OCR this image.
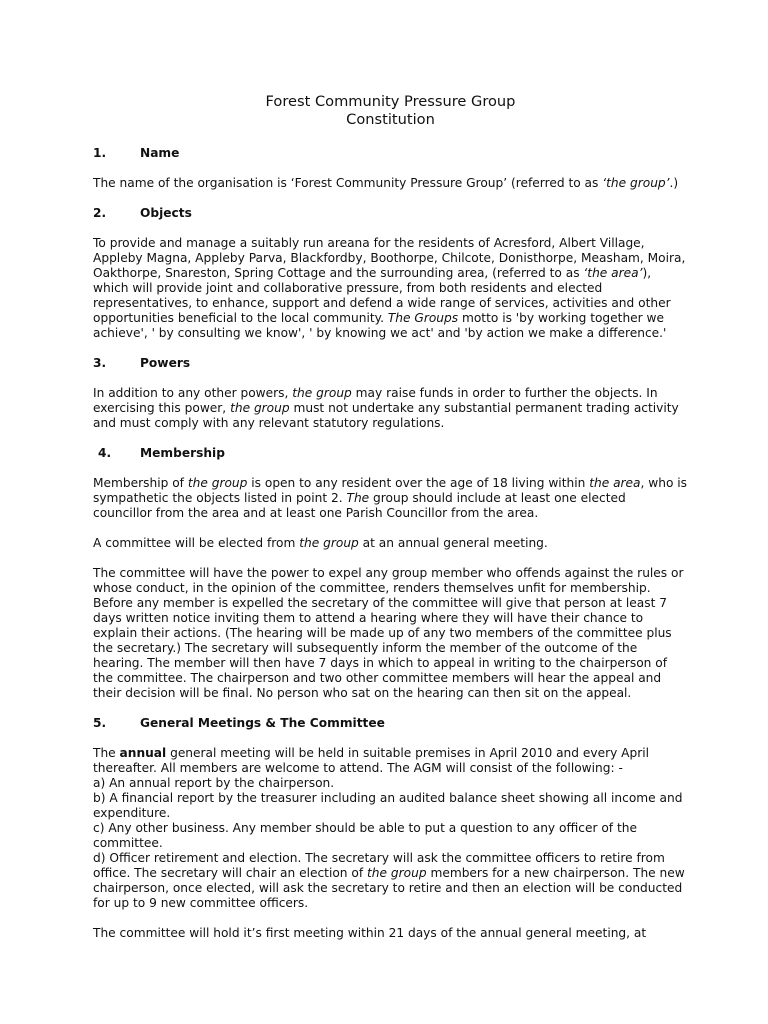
Forest Community Pressure Group
Constitution
1.	Name

The name of the organisation is ‘Forest Community Pressure Group’ (referred to as ‘the group’.)

2.	Objects

To provide and manage a suitably run areana for the residents of Acresford, Albert Village, Appleby Magna, Appleby Parva, Blackfordby, Boothorpe, Chilcote, Donisthorpe, Measham, Moira, Oakthorpe, Snareston, Spring Cottage and the surrounding area, (referred to as ‘the area’), which will provide joint and collaborative pressure, from both residents and elected representatives, to enhance, support and defend a wide range of services, activities and other opportunities beneficial to the local community. The Groups motto is 'by working together we achieve', ' by consulting we know', ' by knowing we act' and 'by action we make a difference.'

3.	Powers

In addition to any other powers, the group may raise funds in order to further the objects. In exercising this power, the group must not undertake any substantial permanent trading activity and must comply with any relevant statutory regulations.

4.	Membership

Membership of the group is open to any resident over the age of 18 living within the area, who is sympathetic the objects listed in point 2. The group should include at least one elected councillor from the area and at least one Parish Councillor from the area.

A committee will be elected from the group at an annual general meeting.

The committee will have the power to expel any group member who offends against the rules or whose conduct, in the opinion of the committee, renders themselves unfit for membership. Before any member is expelled the secretary of the committee will give that person at least 7 days written notice inviting them to attend a hearing where they will have their chance to explain their actions. (The hearing will be made up of any two members of the committee plus the secretary.) The secretary will subsequently inform the member of the outcome of the hearing. The member will then have 7 days in which to appeal in writing to the chairperson of the committee. The chairperson and two other committee members will hear the appeal and their decision will be final. No person who sat on the hearing can then sit on the appeal.

5.	General Meetings & The Committee

The annual general meeting will be held in suitable premises in April 2010 and every April thereafter. All members are welcome to attend. The AGM will consist of the following: -

a) An annual report by the chairperson.

b) A financial report by the treasurer including an audited balance sheet showing all income and expenditure.

c) Any other business. Any member should be able to put a question to any officer of the committee.

d) Officer retirement and election. The secretary will ask the committee officers to retire from office. The secretary will chair an election of the group members for a new chairperson. The new chairperson, once elected, will ask the secretary to retire and then an election will be conducted for up to 9 new committee officers.

The committee will hold it’s first meeting within 21 days of the annual general meeting, at
